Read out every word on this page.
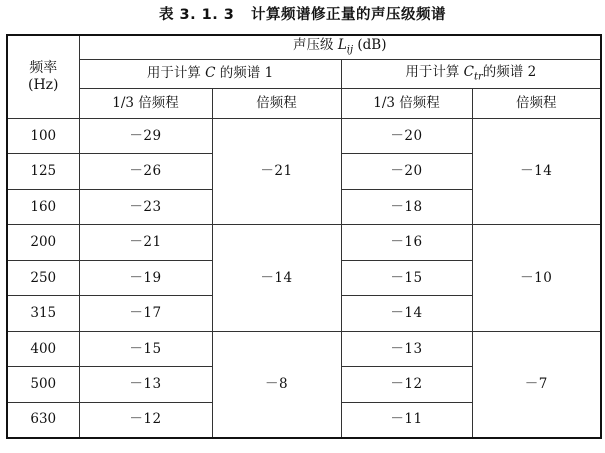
表 3. 1. 3 计算频谱修正量的声压级频谱
频率
(Hz)	声压级 $L_{ij}$ (dB)			
	用于计算 C 的频谱 1		用于计算 $C_{tr}$的频谱 2	
	1/3 倍频程	倍频程	1/3 倍频程	倍频程
100	－29	－21	－20	－14
125	－26		－20	
160	－23		－18	
200	－21	－14	－16	－10
250	－19		－15	
315	－17		－14	
400	－15	－8	－13	－7
500	－13		－12	
630	－12		－11	
